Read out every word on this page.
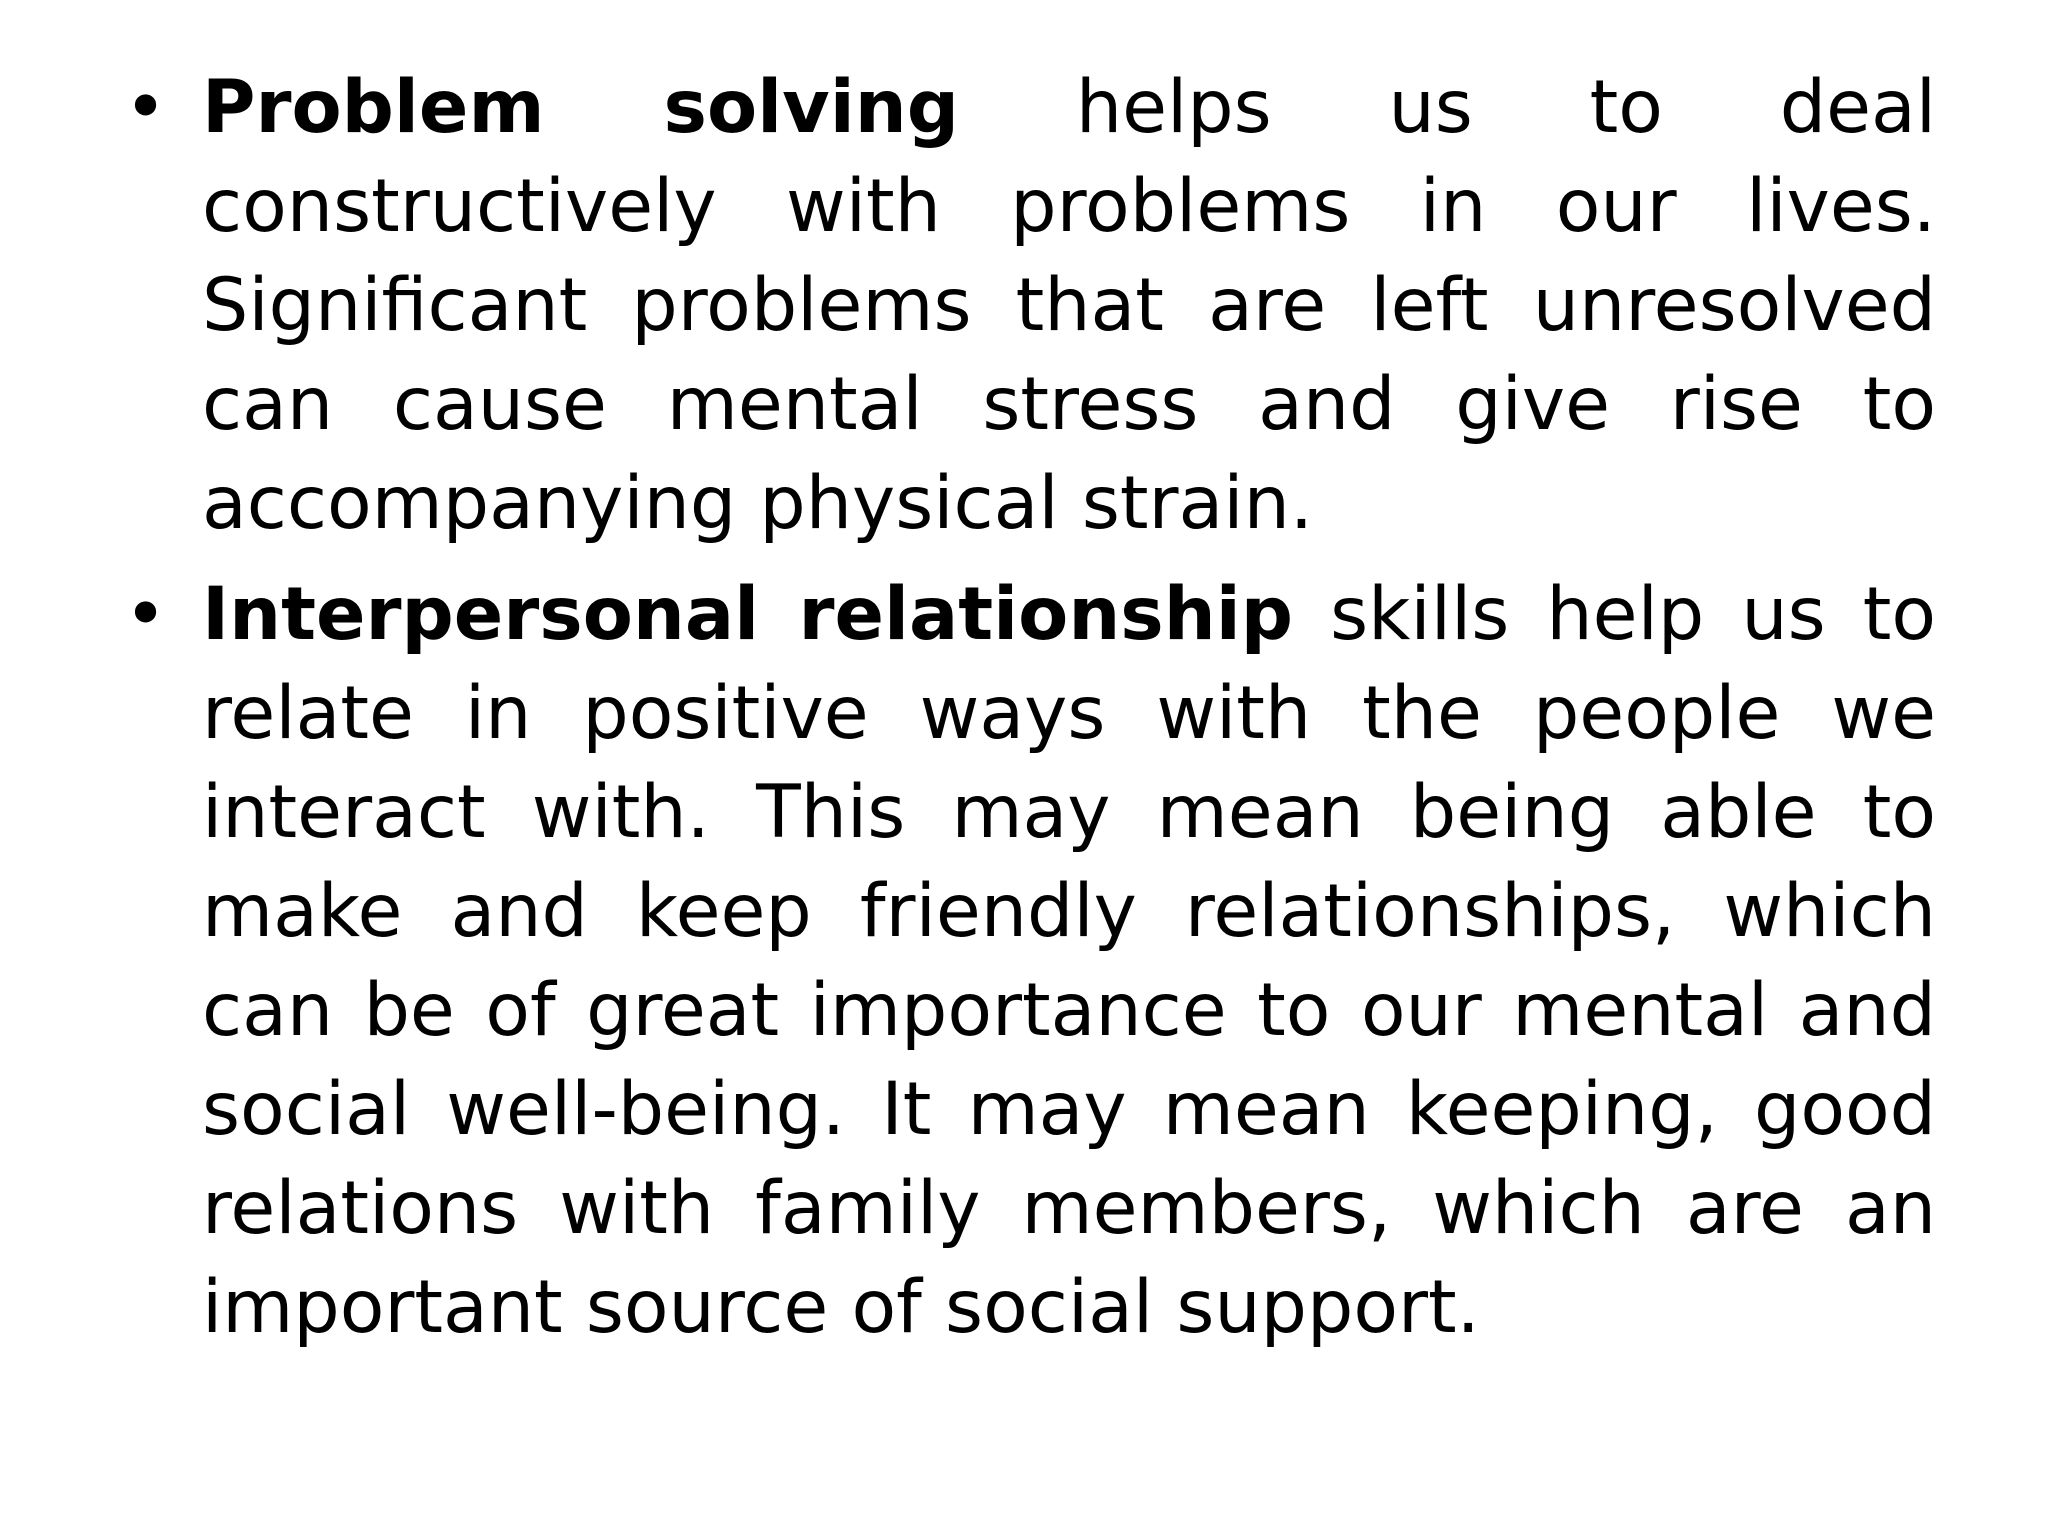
• Problem solving helps us to deal constructively with problems in our lives. Significant problems that are left unresolved can cause mental stress and give rise to accompanying physical strain.
• Interpersonal relationship skills help us to relate in positive ways with the people we interact with. This may mean being able to make and keep friendly relationships, which can be of great importance to our mental and social well-being. It may mean keeping, good relations with family members, which are an important source of social support.
